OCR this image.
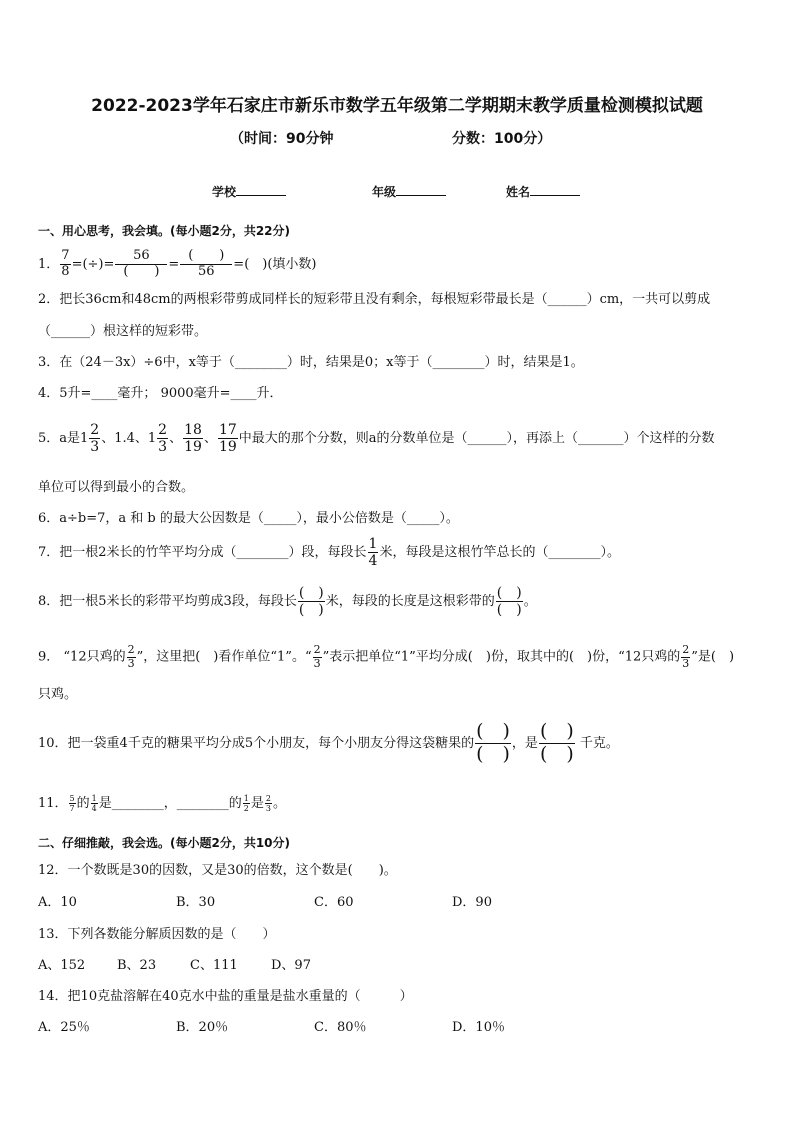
2022-2023学年石家庄市新乐市数学五年级第二学期期末教学质量检测模拟试题
（时间：90分钟	分数：100分）
学校	年级	姓名
一、用心思考，我会填。(每小题2分，共22分)
1． $\frac{7}{8}$ =(÷)= $\frac{56}{( )} = \frac{( )}{56}$ =(　)(填小数)
2．把长36cm和48cm的两根彩带剪成同样长的短彩带且没有剩余，每根短彩带最长是（______）cm，一共可以剪成
（______）根这样的短彩带。
3．在（24－3x）÷6中，x等于（________）时，结果是0；x等于（________）时，结果是1。
4．5升=____毫升； 9000毫升=____升．
5．a是$1 \frac{2}{3}$ 、1.4、$1 \frac{2}{3}$ 、 $\frac{18}{19}$ 、 $\frac{17}{19}$ 中最大的那个分数，则a的分数单位是（______），再添上（_______）个这样的分数
单位可以得到最小的合数。
6．a÷b=7，a 和 b 的最大公因数是（_____），最小公倍数是（_____）。
7．把一根2米长的竹竿平均分成（________）段，每段长 $\frac{1}{4}$ 米，每段是这根竹竿总长的（________）。
8．把一根5米长的彩带平均剪成3段，每段长 $\frac{( )}{( )}$ 米，每段的长度是这根彩带的 $\frac{( )}{( )}$ 。
9． “12只鸡的 $\frac{2}{3}$ ”，这里把(　)看作单位“1”。“ $\frac{2}{3}$ ”表示把单位“1”平均分成(　)份，取其中的(　)份，“12只鸡的 $\frac{2}{3}$ ”是(　)
只鸡。
10．把一袋重4千克的糖果平均分成5个小朋友，每个小朋友分得这袋糖果的 $\frac{( )}{( )}$ ，是 $\frac{( )}{( )}$ 千克。
11． $\frac{5}{7}$ 的 $\frac{1}{4}$ 是________，________的 $\frac{1}{2}$ 是 $\frac{2}{3}$ 。
二、仔细推敲，我会选。(每小题2分，共10分)
12．一个数既是30的因数，又是30的倍数，这个数是(　　)。
A．10	B．30	C．60	D．90
13．下列各数能分解质因数的是（　　）
A、152 B、23	C、111	D、97
14．把10克盐溶解在40克水中盐的重量是盐水重量的（　　　）
A．25％	B．20％	C．80％	D．10％
